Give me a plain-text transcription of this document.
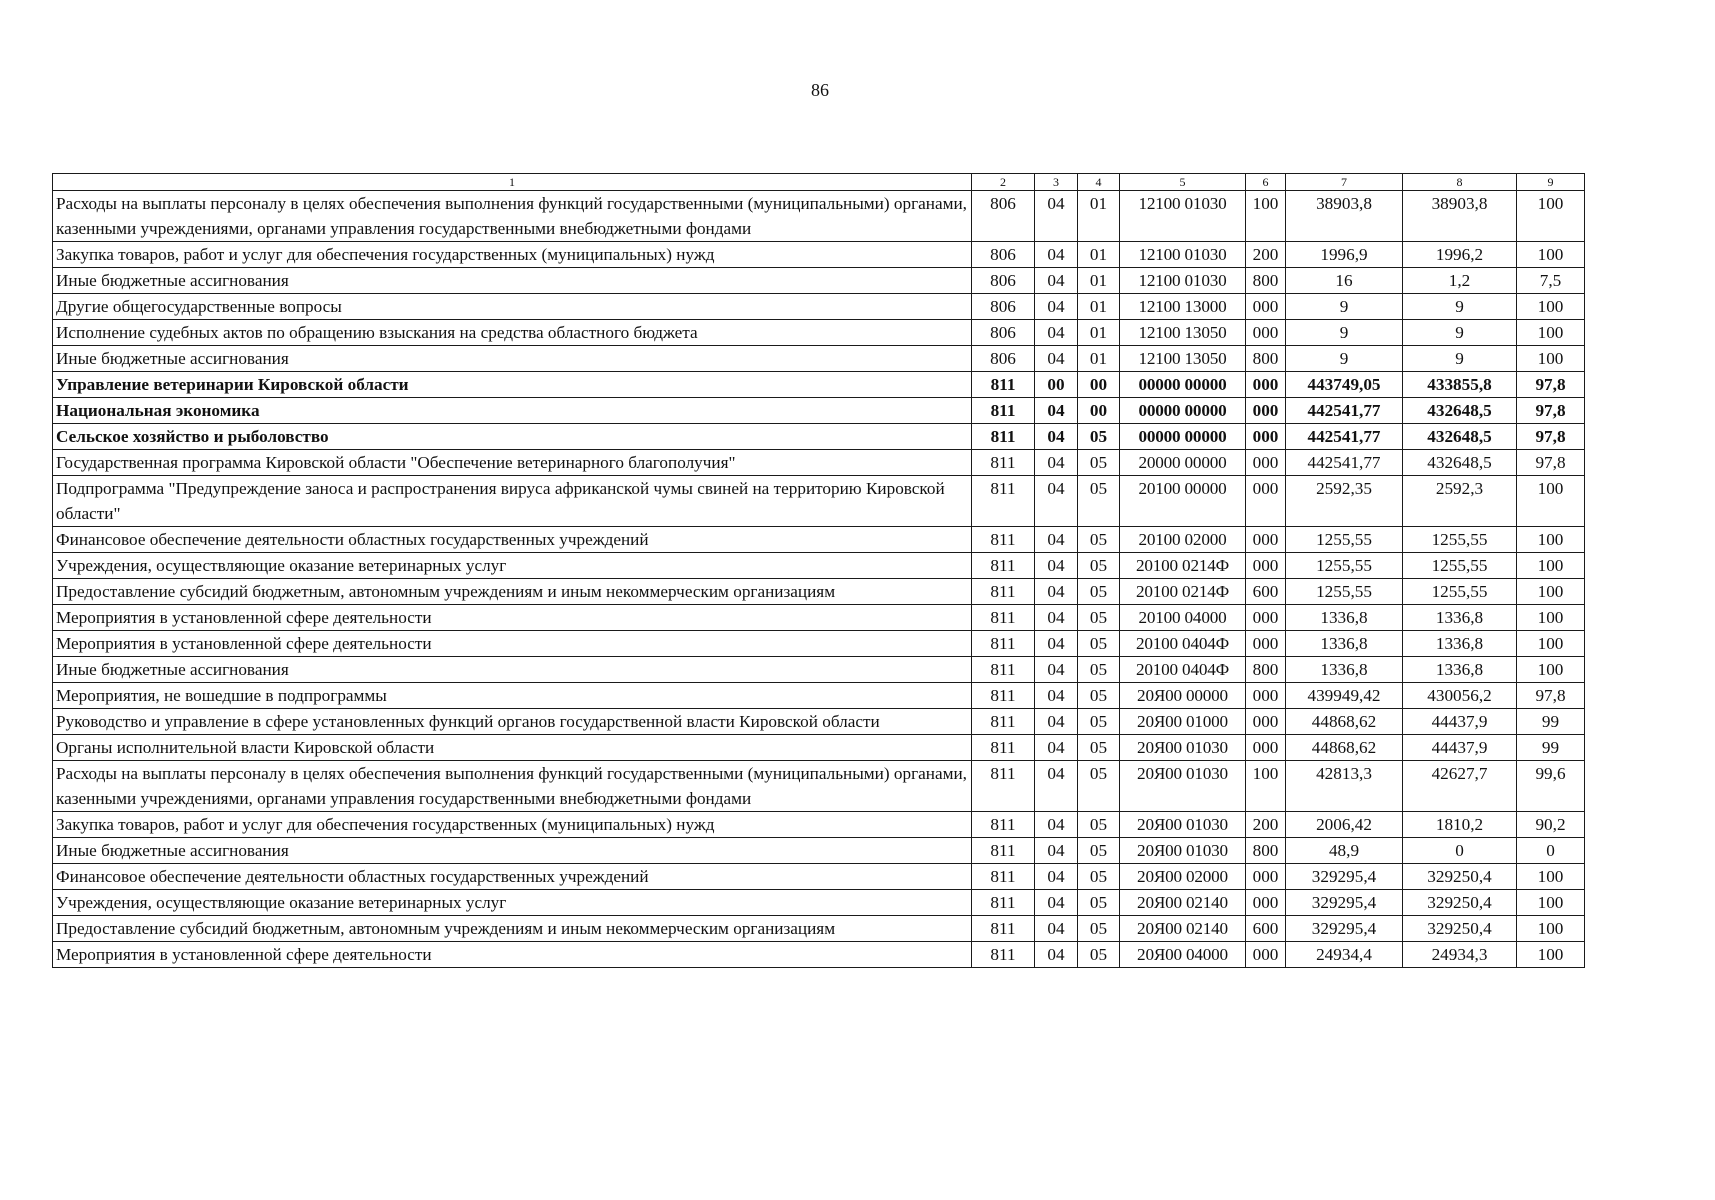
86
1	2	3	4	5	6	7	8	9
Расходы на выплаты персоналу в целях обеспечения выполнения функций государственными (муниципальными) органами, казенными учреждениями, органами управления государственными внебюджетными фондами	806	04	01	12100 01030	100	38903,8	38903,8	100
Закупка товаров, работ и услуг для обеспечения государственных (муниципальных) нужд	806	04	01	12100 01030	200	1996,9	1996,2	100
Иные бюджетные ассигнования	806	04	01	12100 01030	800	16	1,2	7,5
Другие общегосударственные вопросы	806	04	01	12100 13000	000	9	9	100
Исполнение судебных актов по обращению взыскания на средства областного бюджета	806	04	01	12100 13050	000	9	9	100
Иные бюджетные ассигнования	806	04	01	12100 13050	800	9	9	100
Управление ветеринарии Кировской области	811	00	00	00000 00000	000	443749,05	433855,8	97,8
Национальная экономика	811	04	00	00000 00000	000	442541,77	432648,5	97,8
Сельское хозяйство и рыболовство	811	04	05	00000 00000	000	442541,77	432648,5	97,8
Государственная программа Кировской области "Обеспечение ветеринарного благополучия"	811	04	05	20000 00000	000	442541,77	432648,5	97,8
Подпрограмма "Предупреждение заноса и распространения вируса африканской чумы свиней на территорию Кировской области"	811	04	05	20100 00000	000	2592,35	2592,3	100
Финансовое обеспечение деятельности областных государственных учреждений	811	04	05	20100 02000	000	1255,55	1255,55	100
Учреждения, осуществляющие оказание ветеринарных услуг	811	04	05	20100 0214Ф	000	1255,55	1255,55	100
Предоставление субсидий бюджетным, автономным учреждениям и иным некоммерческим организациям	811	04	05	20100 0214Ф	600	1255,55	1255,55	100
Мероприятия в установленной сфере деятельности	811	04	05	20100 04000	000	1336,8	1336,8	100
Мероприятия в установленной сфере деятельности	811	04	05	20100 0404Ф	000	1336,8	1336,8	100
Иные бюджетные ассигнования	811	04	05	20100 0404Ф	800	1336,8	1336,8	100
Мероприятия, не вошедшие в подпрограммы	811	04	05	20Я00 00000	000	439949,42	430056,2	97,8
Руководство и управление в сфере установленных функций органов государственной власти Кировской области	811	04	05	20Я00 01000	000	44868,62	44437,9	99
Органы исполнительной власти Кировской области	811	04	05	20Я00 01030	000	44868,62	44437,9	99
Расходы на выплаты персоналу в целях обеспечения выполнения функций государственными (муниципальными) органами, казенными учреждениями, органами управления государственными внебюджетными фондами	811	04	05	20Я00 01030	100	42813,3	42627,7	99,6
Закупка товаров, работ и услуг для обеспечения государственных (муниципальных) нужд	811	04	05	20Я00 01030	200	2006,42	1810,2	90,2
Иные бюджетные ассигнования	811	04	05	20Я00 01030	800	48,9	0	0
Финансовое обеспечение деятельности областных государственных учреждений	811	04	05	20Я00 02000	000	329295,4	329250,4	100
Учреждения, осуществляющие оказание ветеринарных услуг	811	04	05	20Я00 02140	000	329295,4	329250,4	100
Предоставление субсидий бюджетным, автономным учреждениям и иным некоммерческим организациям	811	04	05	20Я00 02140	600	329295,4	329250,4	100
Мероприятия в установленной сфере деятельности	811	04	05	20Я00 04000	000	24934,4	24934,3	100
